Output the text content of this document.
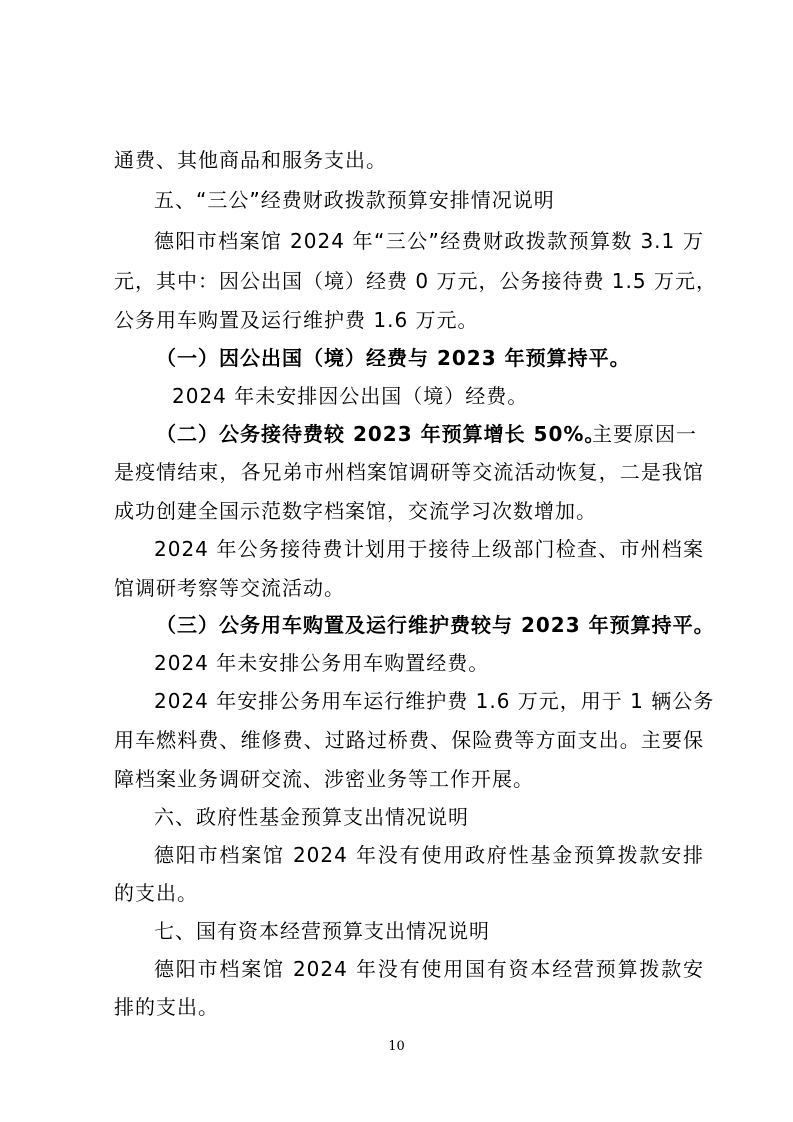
通费、其他商品和服务支出。
五、“三公”经费财政拨款预算安排情况说明
德阳市档案馆 2024 年“三公”经费财政拨款预算数 3.1 万
元，其中：因公出国（境）经费 0 万元，公务接待费 1.5 万元，
公务用车购置及运行维护费 1.6 万元。
（一）因公出国（境）经费与 2023 年预算持平。
2024 年未安排因公出国（境）经费。
（二）公务接待费较 2023 年预算增长 50%。
主要原因一
是疫情结束，各兄弟市州档案馆调研等交流活动恢复，二是我馆
成功创建全国示范数字档案馆，交流学习次数增加。
2024 年公务接待费计划用于接待上级部门检查、市州档案
馆调研考察等交流活动。
（三）公务用车购置及运行维护费较与 2023 年预算持平。
2024 年未安排公务用车购置经费。
2024 年安排公务用车运行维护费 1.6 万元，用于 1 辆公务
用车燃料费、维修费、过路过桥费、保险费等方面支出。主要保
障档案业务调研交流、涉密业务等工作开展。
六、政府性基金预算支出情况说明
德阳市档案馆 2024 年没有使用政府性基金预算拨款安排
的支出。
七、国有资本经营预算支出情况说明
德阳市档案馆 2024 年没有使用国有资本经营预算拨款安
排的支出。
10
